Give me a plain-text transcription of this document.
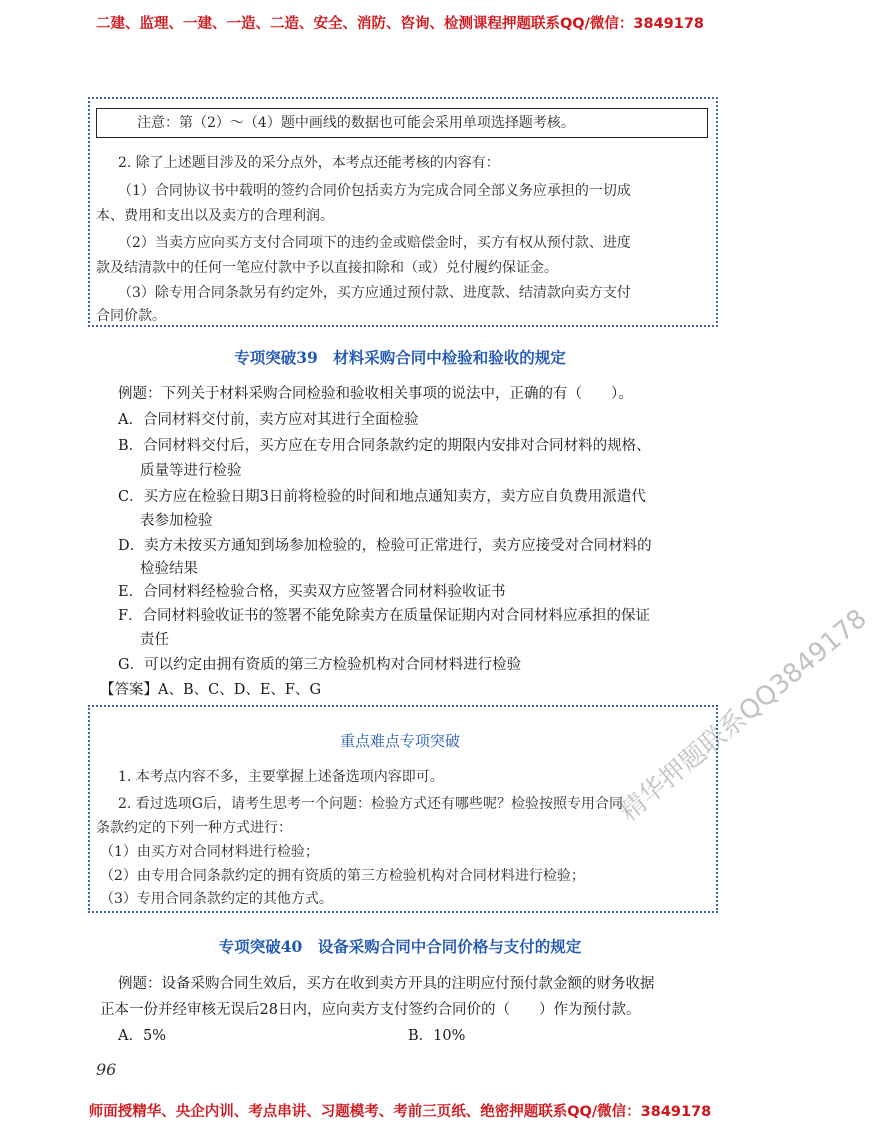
二建、监理、一建、一造、二造、安全、消防、咨询、检测课程押题联系QQ/微信：3849178
注意：第（2）～（4）题中画线的数据也可能会采用单项选择题考核。
2. 除了上述题目涉及的采分点外，本考点还能考核的内容有：
（1）合同协议书中载明的签约合同价包括卖方为完成合同全部义务应承担的一切成
本、费用和支出以及卖方的合理利润。
（2）当卖方应向买方支付合同项下的违约金或赔偿金时，买方有权从预付款、进度
款及结清款中的任何一笔应付款中予以直接扣除和（或）兑付履约保证金。
（3）除专用合同条款另有约定外，买方应通过预付款、进度款、结清款向卖方支付
合同价款。
专项突破39　材料采购合同中检验和验收的规定
例题：下列关于材料采购合同检验和验收相关事项的说法中，正确的有（　　）。
A．合同材料交付前，卖方应对其进行全面检验
B．合同材料交付后，买方应在专用合同条款约定的期限内安排对合同材料的规格、
质量等进行检验
C．买方应在检验日期3日前将检验的时间和地点通知卖方，卖方应自负费用派遣代
表参加检验
D．卖方未按买方通知到场参加检验的，检验可正常进行，卖方应接受对合同材料的
检验结果
E．合同材料经检验合格，买卖双方应签署合同材料验收证书
F．合同材料验收证书的签署不能免除卖方在质量保证期内对合同材料应承担的保证
责任
G．可以约定由拥有资质的第三方检验机构对合同材料进行检验
【答案】A、B、C、D、E、F、G
重点难点专项突破
1. 本考点内容不多，主要掌握上述备选项内容即可。
2. 看过选项G后，请考生思考一个问题：检验方式还有哪些呢？检验按照专用合同
条款约定的下列一种方式进行：
（1）由买方对合同材料进行检验；
（2）由专用合同条款约定的拥有资质的第三方检验机构对合同材料进行检验；
（3）专用合同条款约定的其他方式。
专项突破40　设备采购合同中合同价格与支付的规定
例题：设备采购合同生效后，买方在收到卖方开具的注明应付预付款金额的财务收据
正本一份并经审核无误后28日内，应向卖方支付签约合同价的（　　）作为预付款。
A．5%	B．10%
96
精华押题联系QQ3849178
师面授精华、央企内训、考点串讲、习题模考、考前三页纸、绝密押题联系QQ/微信：3849178
